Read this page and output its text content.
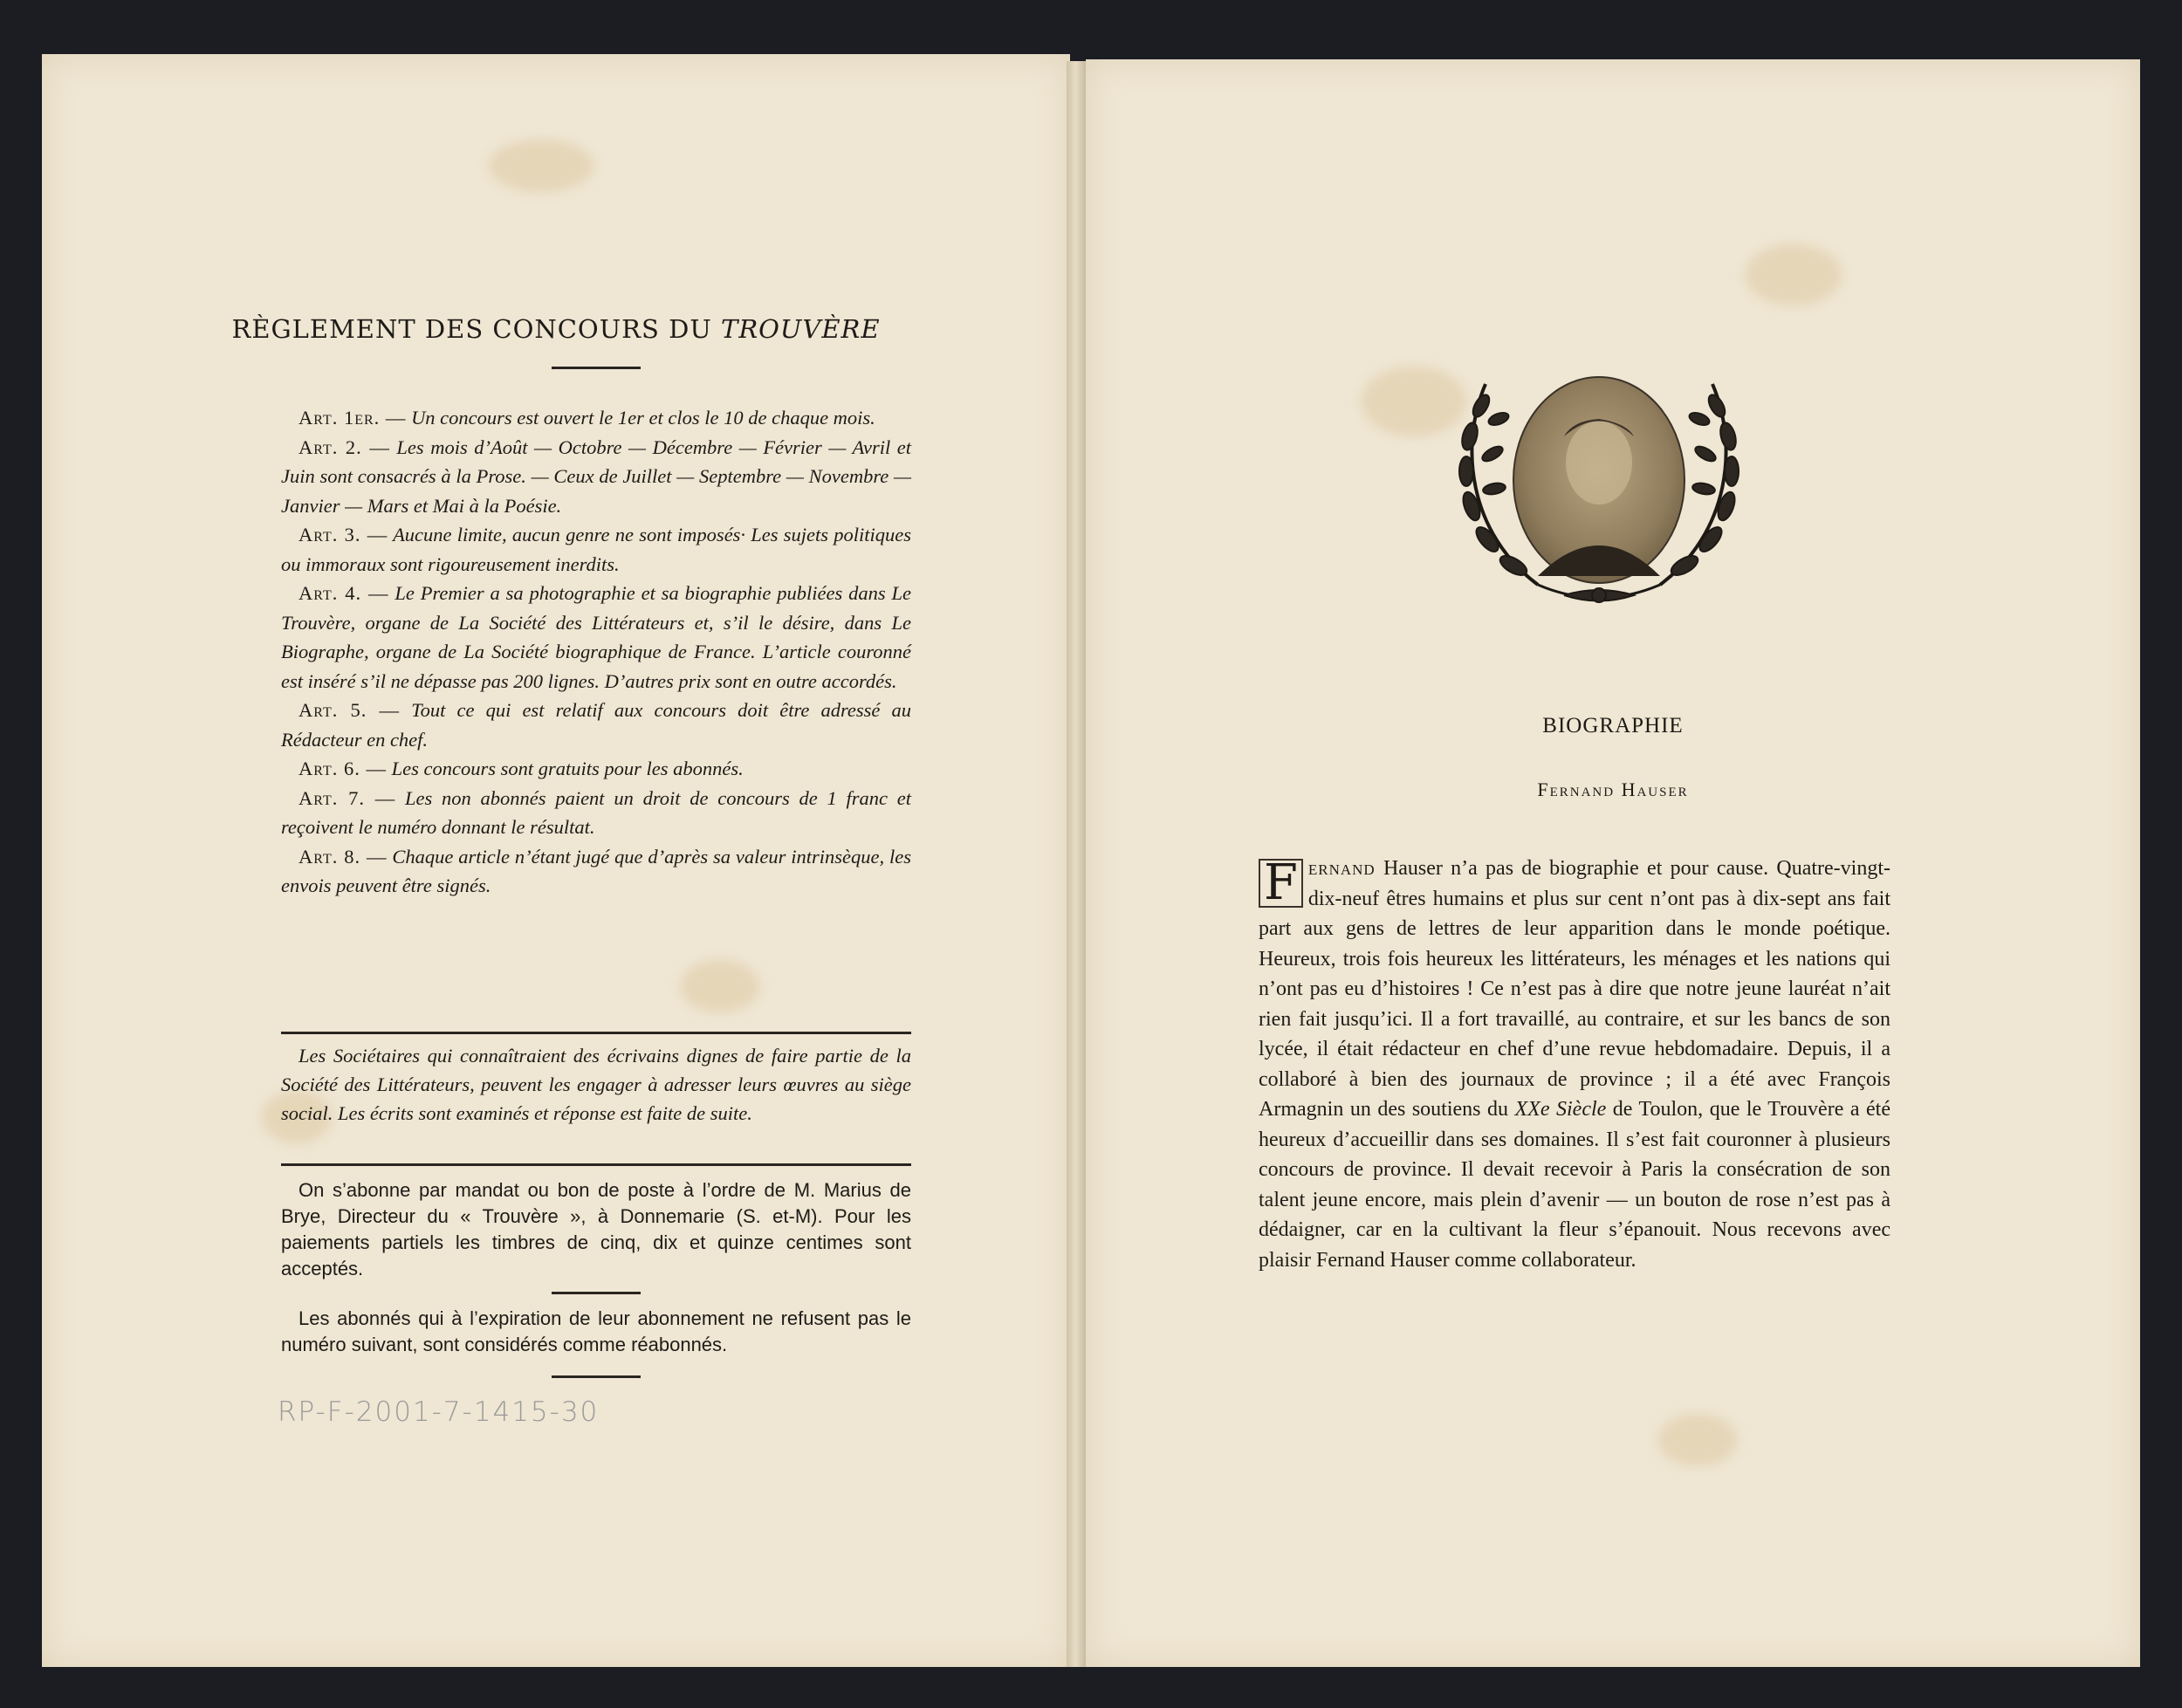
RÈGLEMENT DES CONCOURS DU TROUVÈRE

Art. 1er. — Un concours est ouvert le 1er et clos le 10 de chaque mois.

Art. 2. — Les mois d’Août — Octobre — Décembre — Février — Avril et Juin sont consacrés à la Prose. — Ceux de Juillet — Septembre — Novembre — Janvier — Mars et Mai à la Poésie.

Art. 3. — Aucune limite, aucun genre ne sont imposés· Les sujets politiques ou immoraux sont rigoureusement inerdits.

Art. 4. — Le Premier a sa photographie et sa biographie publiées dans Le Trouvère, organe de La Société des Littérateurs et, s’il le désire, dans Le Biographe, organe de La Société biographique de France. L’article couronné est inséré s’il ne dépasse pas 200 lignes. D’autres prix sont en outre accordés.

Art. 5. — Tout ce qui est relatif aux concours doit être adressé au Rédacteur en chef.

Art. 6. — Les concours sont gratuits pour les abonnés.

Art. 7. — Les non abonnés paient un droit de concours de 1 franc et reçoivent le numéro donnant le résultat.

Art. 8. — Chaque article n’étant jugé que d’après sa valeur intrinsèque, les envois peuvent être signés.

Les Sociétaires qui connaîtraient des écrivains dignes de faire partie de la Société des Littérateurs, peuvent les engager à adresser leurs œuvres au siège social. Les écrits sont examinés et réponse est faite de suite.
On s’abonne par mandat ou bon de poste à l’ordre de M. Marius de Brye, Directeur du « Trouvère », à Donnemarie (S. et-M). Pour les paiements partiels les timbres de cinq, dix et quinze centimes sont acceptés.
Les abonnés qui à l’expiration de leur abonnement ne refusent pas le numéro suivant, sont considérés comme réabonnés.
RP-F-2001-7-1415-30
BIOGRAPHIE
Fernand Hauser
F ernand Hauser n’a pas de biographie et pour cause. Quatre-vingt-dix-neuf êtres humains et plus sur cent n’ont pas à dix-sept ans fait part aux gens de lettres de leur apparition dans le monde poétique. Heureux, trois fois heureux les littérateurs, les ménages et les nations qui n’ont pas eu d’histoires ! Ce n’est pas à dire que notre jeune lauréat n’ait rien fait jusqu’ici. Il a fort travaillé, au contraire, et sur les bancs de son lycée, il était rédacteur en chef d’une revue hebdomadaire. Depuis, il a collaboré à bien des journaux de province ; il a été avec François Armagnin un des soutiens du XXe Siècle de Toulon, que le Trouvère a été heureux d’accueillir dans ses domaines. Il s’est fait couronner à plusieurs concours de province. Il devait recevoir à Paris la consécration de son talent jeune encore, mais plein d’avenir — un bouton de rose n’est pas à dédaigner, car en la cultivant la fleur s’épanouit. Nous recevons avec plaisir Fernand Hauser comme collaborateur.
